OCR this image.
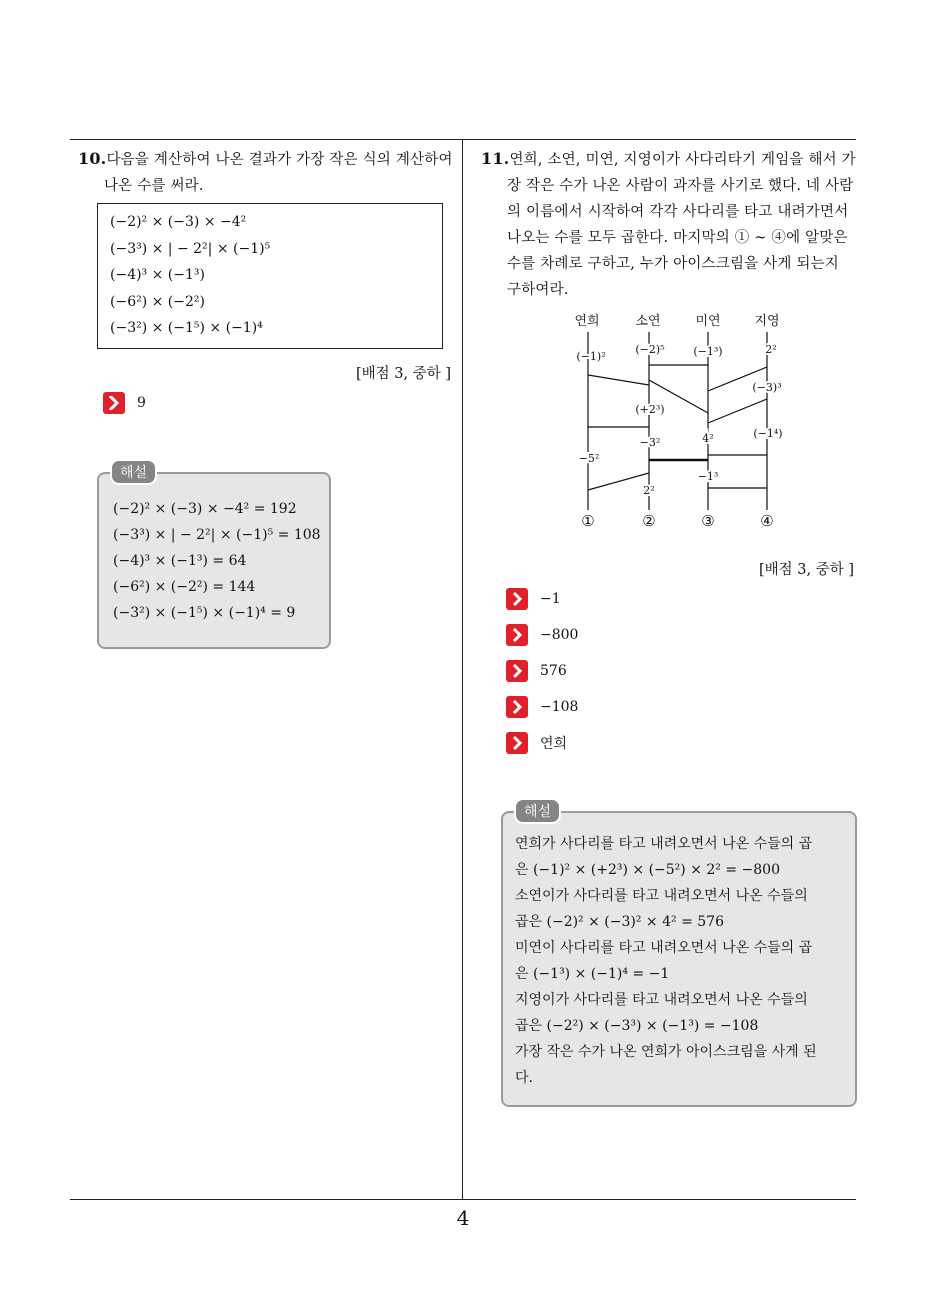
10.다음을 계산하여 나온 결과가 가장 작은 식의 계산하여
나온 수를 써라.
(−2)² × (−3) × −4²
(−3³) × | − 2²| × (−1)⁵
(−4)³ × (−1³)
(−6²) × (−2²)
(−3²) × (−1⁵) × (−1)⁴
[배점 3, 중하 ]
9
(−2)² × (−3) × −4² = 192
(−3³) × | − 2²| × (−1)⁵ = 108
(−4)³ × (−1³) = 64
(−6²) × (−2²) = 144
(−3²) × (−1⁵) × (−1)⁴ = 9
해설
11.연희, 소연, 미연, 지영이가 사다리타기 게임을 해서 가
장 작은 수가 나온 사람이 과자를 사기로 했다. 네 사람
의 이름에서 시작하여 각각 사다리를 타고 내려가면서
나오는 수를 모두 곱한다. 마지막의 ① ~ ④에 알맞은
수를 차례로 구하고, 누가 아이스크림을 사게 되는지
구하여라.
연희	소연	미연	지영
(−1)²
(−2)⁵	(−1³)	2²
(+2³)
−3²	4²
(−3)³
(−1⁴)
−5²
2²
−1³
①	②	③	④
[배점 3, 중하 ]
−1
−800
576
−108
연희
연희가 사다리를 타고 내려오면서 나온 수들의 곱
은 (−1)² × (+2³) × (−5²) × 2² = −800
소연이가 사다리를 타고 내려오면서 나온 수들의
곱은 (−2)² × (−3)² × 4² = 576
미연이 사다리를 타고 내려오면서 나온 수들의 곱
은 (−1³) × (−1)⁴ = −1
지영이가 사다리를 타고 내려오면서 나온 수들의
곱은 (−2²) × (−3³) × (−1³) = −108
가장 작은 수가 나온 연희가 아이스크림을 사게 된
다.
해설
4
